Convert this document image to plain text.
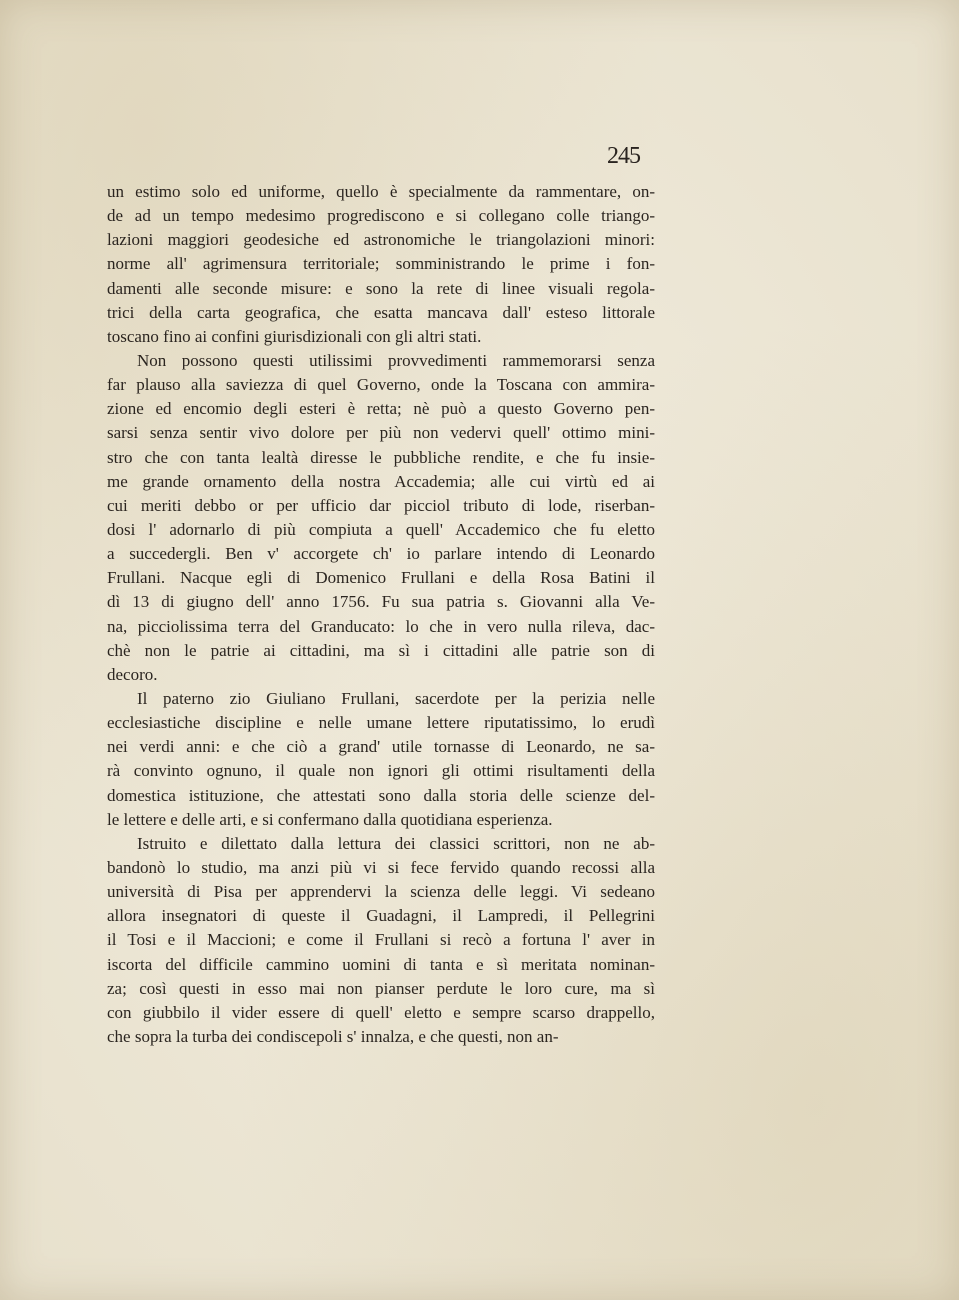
245
un estimo solo ed uniforme, quello è specialmente da rammentare, on-
de ad un tempo medesimo progrediscono e si collegano colle triango-
lazioni maggiori geodesiche ed astronomiche le triangolazioni minori:
norme all' agrimensura territoriale; somministrando le prime i fon-
damenti alle seconde misure: e sono la rete di linee visuali regola-
trici della carta geografica, che esatta mancava dall' esteso littorale
toscano fino ai confini giurisdizionali con gli altri stati.
Non possono questi utilissimi provvedimenti rammemorarsi senza
far plauso alla saviezza di quel Governo, onde la Toscana con ammira-
zione ed encomio degli esteri è retta; nè può a questo Governo pen-
sarsi senza sentir vivo dolore per più non vedervi quell' ottimo mini-
stro che con tanta lealtà diresse le pubbliche rendite, e che fu insie-
me grande ornamento della nostra Accademia; alle cui virtù ed ai
cui meriti debbo or per ufficio dar picciol tributo di lode, riserban-
dosi l' adornarlo di più compiuta a quell' Accademico che fu eletto
a succedergli. Ben v' accorgete ch' io parlare intendo di Leonardo
Frullani. Nacque egli di Domenico Frullani e della Rosa Batini il
dì 13 di giugno dell' anno 1756. Fu sua patria s. Giovanni alla Ve-
na, picciolissima terra del Granducato: lo che in vero nulla rileva, dac-
chè non le patrie ai cittadini, ma sì i cittadini alle patrie son di
decoro.
Il paterno zio Giuliano Frullani, sacerdote per la perizia nelle
ecclesiastiche discipline e nelle umane lettere riputatissimo, lo erudì
nei verdi anni: e che ciò a grand' utile tornasse di Leonardo, ne sa-
rà convinto ognuno, il quale non ignori gli ottimi risultamenti della
domestica istituzione, che attestati sono dalla storia delle scienze del-
le lettere e delle arti, e si confermano dalla quotidiana esperienza.
Istruito e dilettato dalla lettura dei classici scrittori, non ne ab-
bandonò lo studio, ma anzi più vi si fece fervido quando recossi alla
università di Pisa per apprendervi la scienza delle leggi. Vi sedeano
allora insegnatori di queste il Guadagni, il Lampredi, il Pellegrini
il Tosi e il Maccioni; e come il Frullani si recò a fortuna l' aver in
iscorta del difficile cammino uomini di tanta e sì meritata nominan-
za; così questi in esso mai non pianser perdute le loro cure, ma sì
con giubbilo il vider essere di quell' eletto e sempre scarso drappello,
che sopra la turba dei condiscepoli s' innalza, e che questi, non an-
